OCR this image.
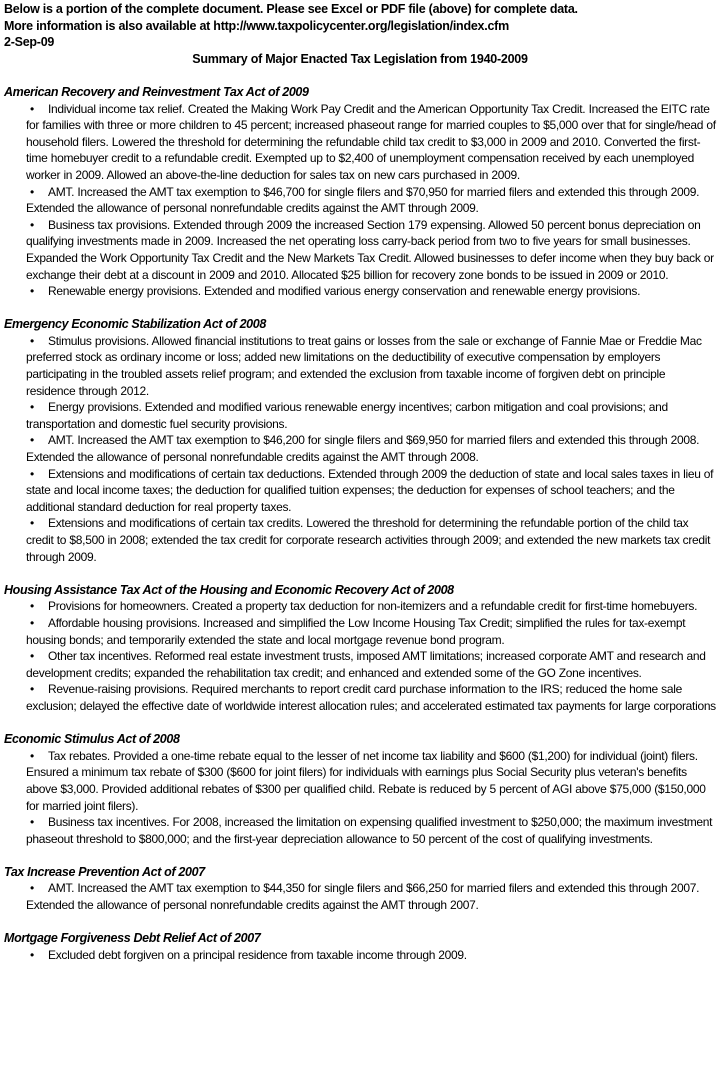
Below is a portion of the complete document. Please see Excel or PDF file (above) for complete data.
More information is also available at http://www.taxpolicycenter.org/legislation/index.cfm
2-Sep-09
Summary of Major Enacted Tax Legislation from 1940-2009
American Recovery and Reinvestment Tax Act of 2009
• Individual income tax relief. Created the Making Work Pay Credit and the American Opportunity Tax Credit. Increased the EITC rate for families with three or more children to 45 percent; increased phaseout range for married couples to $5,000 over that for single/head of household filers. Lowered the threshold for determining the refundable child tax credit to $3,000 in 2009 and 2010. Converted the first-time homebuyer credit to a refundable credit. Exempted up to $2,400 of unemployment compensation received by each unemployed worker in 2009. Allowed an above-the-line deduction for sales tax on new cars purchased in 2009.
• AMT. Increased the AMT tax exemption to $46,700 for single filers and $70,950 for married filers and extended this through 2009. Extended the allowance of personal nonrefundable credits against the AMT through 2009.
• Business tax provisions. Extended through 2009 the increased Section 179 expensing. Allowed 50 percent bonus depreciation on qualifying investments made in 2009. Increased the net operating loss carry-back period from two to five years for small businesses. Expanded the Work Opportunity Tax Credit and the New Markets Tax Credit. Allowed businesses to defer income when they buy back or exchange their debt at a discount in 2009 and 2010. Allocated $25 billion for recovery zone bonds to be issued in 2009 or 2010.
• Renewable energy provisions. Extended and modified various energy conservation and renewable energy provisions.
Emergency Economic Stabilization Act of 2008
• Stimulus provisions. Allowed financial institutions to treat gains or losses from the sale or exchange of Fannie Mae or Freddie Mac preferred stock as ordinary income or loss; added new limitations on the deductibility of executive compensation by employers participating in the troubled assets relief program; and extended the exclusion from taxable income of forgiven debt on principle residence through 2012.
• Energy provisions. Extended and modified various renewable energy incentives; carbon mitigation and coal provisions; and transportation and domestic fuel security provisions.
• AMT. Increased the AMT tax exemption to $46,200 for single filers and $69,950 for married filers and extended this through 2008. Extended the allowance of personal nonrefundable credits against the AMT through 2008.
• Extensions and modifications of certain tax deductions. Extended through 2009 the deduction of state and local sales taxes in lieu of state and local income taxes; the deduction for qualified tuition expenses; the deduction for expenses of school teachers; and the additional standard deduction for real property taxes.
• Extensions and modifications of certain tax credits. Lowered the threshold for determining the refundable portion of the child tax credit to $8,500 in 2008; extended the tax credit for corporate research activities through 2009; and extended the new markets tax credit through 2009.
Housing Assistance Tax Act of the Housing and Economic Recovery Act of 2008
• Provisions for homeowners. Created a property tax deduction for non-itemizers and a refundable credit for first-time homebuyers.
• Affordable housing provisions. Increased and simplified the Low Income Housing Tax Credit; simplified the rules for tax-exempt housing bonds; and temporarily extended the state and local mortgage revenue bond program.
• Other tax incentives. Reformed real estate investment trusts, imposed AMT limitations; increased corporate AMT and research and development credits; expanded the rehabilitation tax credit; and enhanced and extended some of the GO Zone incentives.
• Revenue-raising provisions. Required merchants to report credit card purchase information to the IRS; reduced the home sale exclusion; delayed the effective date of worldwide interest allocation rules; and accelerated estimated tax payments for large corporations
Economic Stimulus Act of 2008
• Tax rebates. Provided a one-time rebate equal to the lesser of net income tax liability and $600 ($1,200) for individual (joint) filers. Ensured a minimum tax rebate of $300 ($600 for joint filers) for individuals with earnings plus Social Security plus veteran's benefits above $3,000. Provided additional rebates of $300 per qualified child. Rebate is reduced by 5 percent of AGI above $75,000 ($150,000 for married joint filers).
• Business tax incentives. For 2008, increased the limitation on expensing qualified investment to $250,000; the maximum investment phaseout threshold to $800,000; and the first-year depreciation allowance to 50 percent of the cost of qualifying investments.
Tax Increase Prevention Act of 2007
• AMT. Increased the AMT tax exemption to $44,350 for single filers and $66,250 for married filers and extended this through 2007. Extended the allowance of personal nonrefundable credits against the AMT through 2007.
Mortgage Forgiveness Debt Relief Act of 2007
• Excluded debt forgiven on a principal residence from taxable income through 2009.
